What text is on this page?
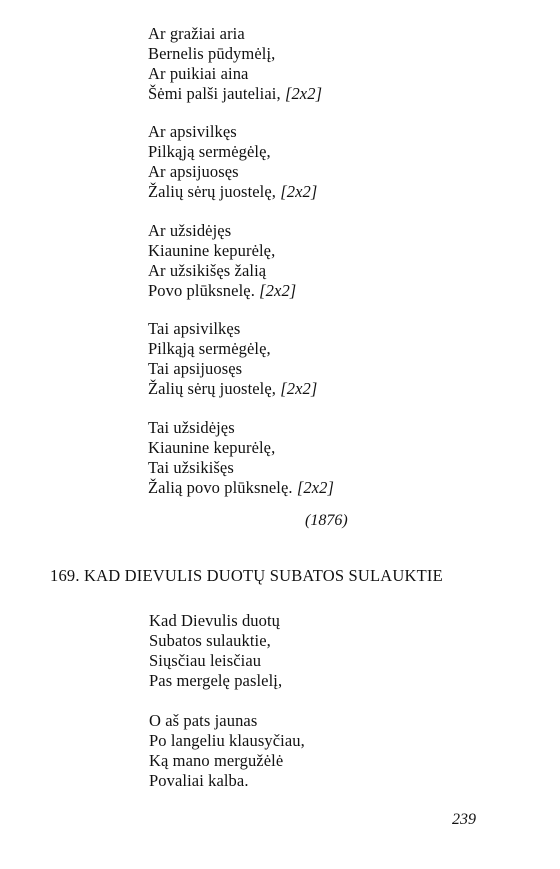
Ar gražiai aria
Bernelis pūdymėlį,
Ar puikiai aina
Šėmi palši jauteliai, [2x2]
Ar apsivilkęs
Pilkąją sermėgėlę,
Ar apsijuosęs
Žalių sėrų juostelę, [2x2]
Ar užsidėjęs
Kiaunine kepurėlę,
Ar užsikišęs žalią
Povo plūksnelę. [2x2]
Tai apsivilkęs
Pilkąją sermėgėlę,
Tai apsijuosęs
Žalių sėrų juostelę, [2x2]
Tai užsidėjęs
Kiaunine kepurėlę,
Tai užsikišęs
Žalią povo plūksnelę. [2x2]
(1876)
169. KAD DIEVULIS DUOTŲ SUBATOS SULAUKTIE
Kad Dievulis duotų
Subatos sulauktie,
Siųsčiau leisčiau
Pas mergelę paslelį,
O aš pats jaunas
Po langeliu klausyčiau,
Ką mano mergužėlė
Povaliai kalba.
239
